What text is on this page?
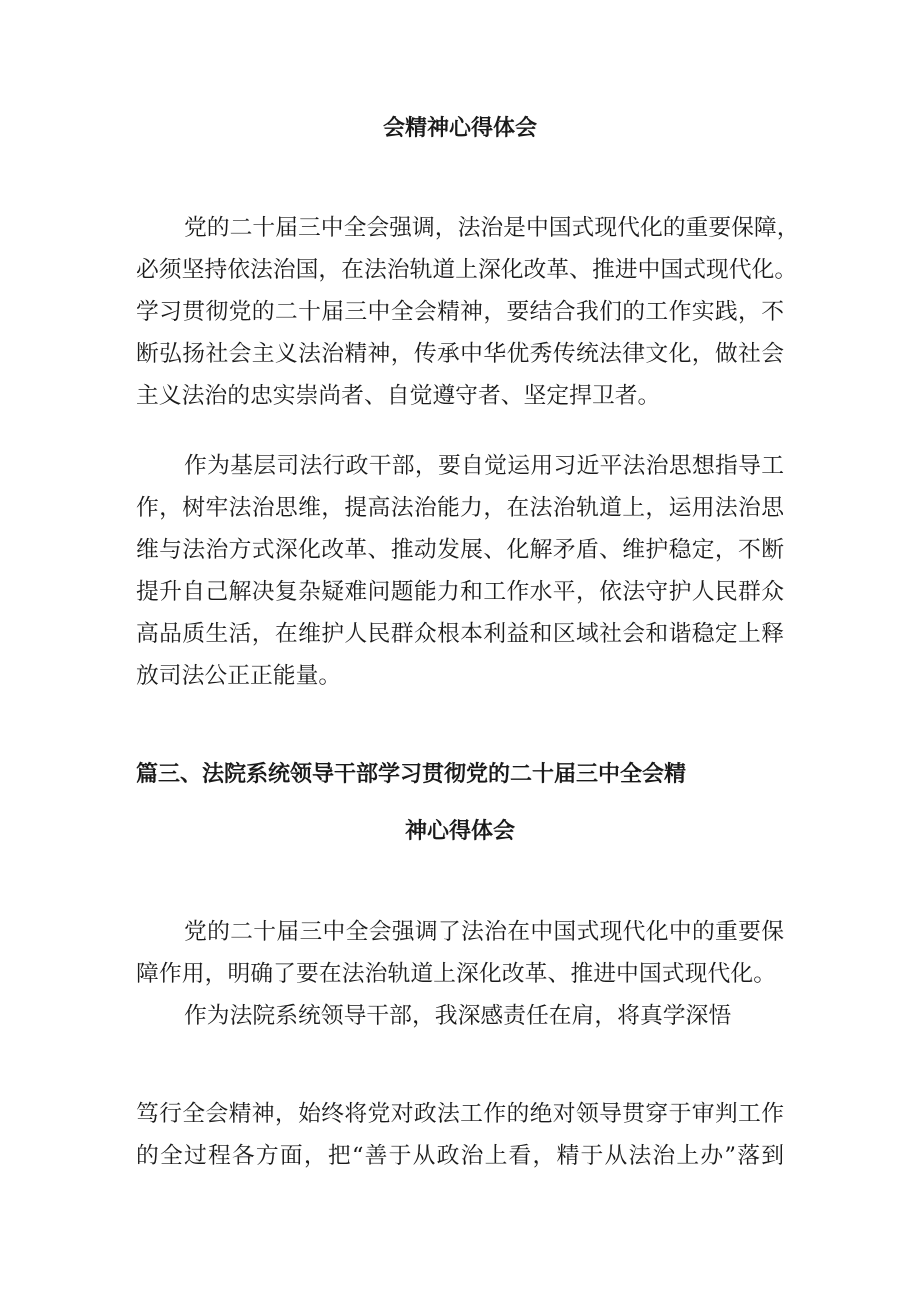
会精神心得体会

党的二十届三中全会强调，法治是中国式现代化的重要保障，

必须坚持依法治国，在法治轨道上深化改革、推进中国式现代化。

学习贯彻党的二十届三中全会精神，要结合我们的工作实践，不

断弘扬社会主义法治精神，传承中华优秀传统法律文化，做社会

主义法治的忠实崇尚者、自觉遵守者、坚定捍卫者。

作为基层司法行政干部，要自觉运用习近平法治思想指导工

作，树牢法治思维，提高法治能力，在法治轨道上，运用法治思

维与法治方式深化改革、推动发展、化解矛盾、维护稳定，不断

提升自己解决复杂疑难问题能力和工作水平，依法守护人民群众

高品质生活，在维护人民群众根本利益和区域社会和谐稳定上释

放司法公正正能量。

篇三、法院系统领导干部学习贯彻党的二十届三中全会精

神心得体会

党的二十届三中全会强调了法治在中国式现代化中的重要保

障作用，明确了要在法治轨道上深化改革、推进中国式现代化。

作为法院系统领导干部，我深感责任在肩，将真学深悟

笃行全会精神，始终将党对政法工作的绝对领导贯穿于审判工作

的全过程各方面，把“善于从政治上看，精于从法治上办”落到
